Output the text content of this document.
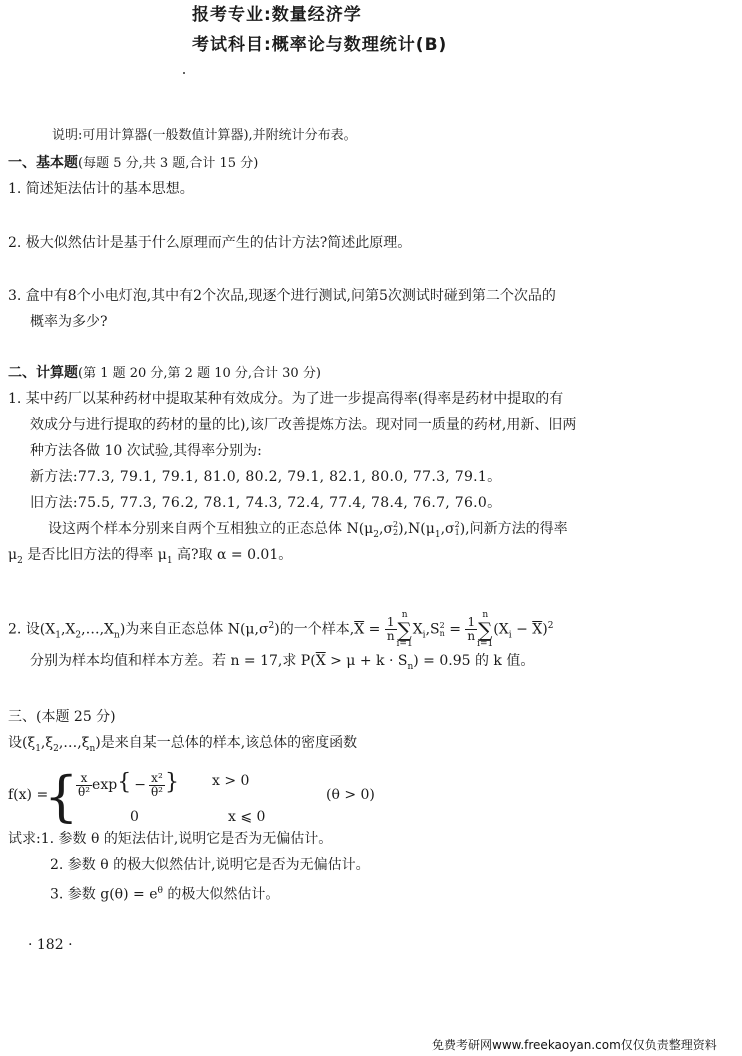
报考专业:数量经济学
考试科目:概率论与数理统计(B)
说明:可用计算器(一般数值计算器),并附统计分布表。
一、基本题(每题 5 分,共 3 题,合计 15 分)
1. 简述矩法估计的基本思想。
2. 极大似然估计是基于什么原理而产生的估计方法?简述此原理。
3. 盒中有8个小电灯泡,其中有2个次品,现逐个进行测试,问第5次测试时碰到第二个次品的
概率为多少?
二、计算题(第 1 题 20 分,第 2 题 10 分,合计 30 分)
1. 某中药厂以某种药材中提取某种有效成分。为了进一步提高得率(得率是药材中提取的有
效成分与进行提取的药材的量的比),该厂改善提炼方法。现对同一质量的药材,用新、旧两
种方法各做 10 次试验,其得率分别为:
新方法:77.3, 79.1, 79.1, 81.0, 80.2, 79.1, 82.1, 80.0, 77.3, 79.1。
旧方法:75.5, 77.3, 76.2, 78.1, 74.3, 72.4, 77.4, 78.4, 76.7, 76.0。
设这两个样本分别来自两个互相独立的正态总体 $N(\mu_2,\sigma$ 2
2 )$,N(\mu_1,\sigma$ 2
1 ),问新方法的得率
$\mu_2$ 是否比旧方法的得率 $\mu_1$ 高?取 α = 0.01。
2. 设$(X_1,X_2,\dots,X_n)$为来自正态总体 $N(\mu,\sigma^2)$的一个样本$,\overline{X} = \frac{1}{n}$
n
∑
$i=1X_i,S$ 2
$n = \frac{1}{n}$
n
∑
$i=1(X_i - \overline{X})^2$
分别为样本均值和样本方差。若 n = 17,求 $P(\overline{X} > \mu + k \cdot S_n) = 0.95$ 的 k 值。
三、(本题 25 分)
设$(\xi_1,\xi_2,\dots,\xi_n)$是来自某一总体的样本,该总体的密度函数
f(x) =
{
$\frac{x}{\text{θ²}} \exp\{ - \frac{\text{x²}}{\text{θ²}}$ } x > 0
(θ > 0)
0	x ⩽ 0
试求:1. 参数 θ 的矩法估计,说明它是否为无偏估计。
2. 参数 θ 的极大似然估计,说明它是否为无偏估计。
3. 参数 $g(\theta) = e^\theta$ 的极大似然估计。
· 182 ·
免费考研网www.freekaoyan.com仅仅负责整理资料
